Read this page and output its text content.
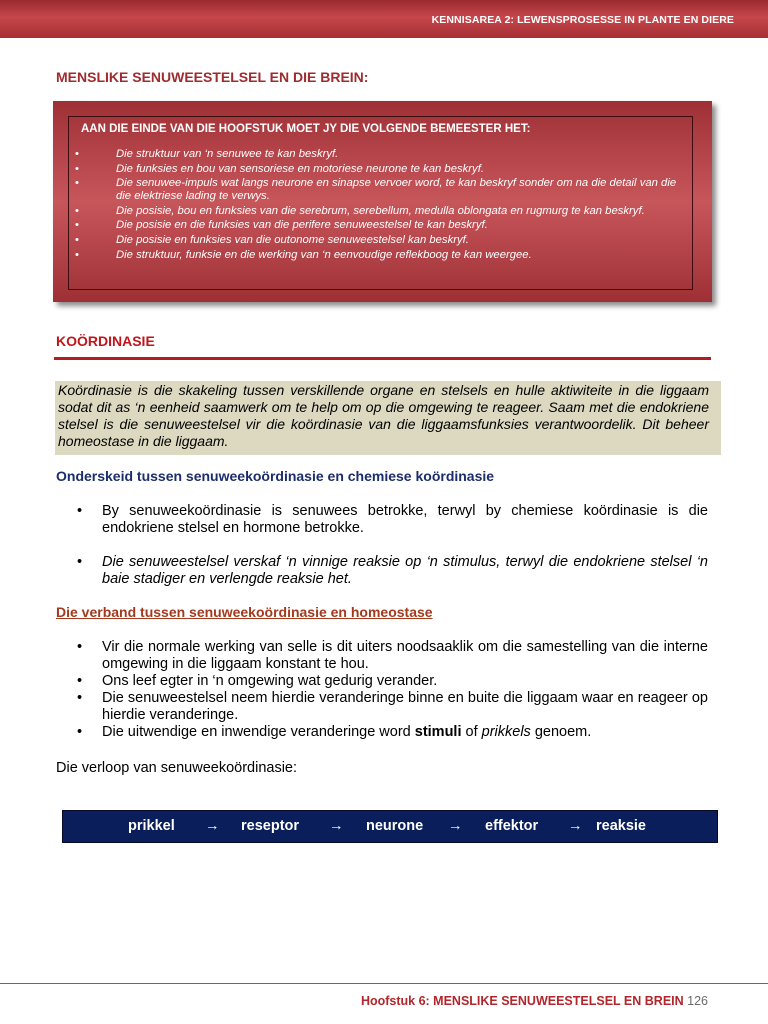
KENNISAREA 2: LEWENSPROSESSE IN PLANTE EN DIERE
MENSLIKE SENUWEESTELSEL EN DIE BREIN:
AAN DIE EINDE VAN DIE HOOFSTUK MOET JY DIE VOLGENDE BEMEESTER HET:
•	Die struktuur van ‘n senuwee te kan beskryf.
•	Die funksies en bou van sensoriese en motoriese neurone te kan beskryf.
•	Die senuwee-impuls wat langs neurone en sinapse vervoer word, te kan beskryf sonder om na die detail van die die elektriese lading te verwys.
•	Die posisie, bou en funksies van die serebrum, serebellum, medulla oblongata en rugmurg te kan beskryf.
•	Die posisie en die funksies van die perifere senuweestelsel te kan beskryf.
•	Die posisie en funksies van die outonome senuweestelsel kan beskryf.
•	Die struktuur, funksie en die werking van ‘n eenvoudige reflekboog te kan weergee.
KOÖRDINASIE

Koördinasie is die skakeling tussen verskillende organe en stelsels en hulle aktiwiteite in die liggaam sodat dit as ‘n eenheid saamwerk om te help om op die omgewing te reageer. Saam met die endokriene stelsel is die senuweestelsel vir die koördinasie van die liggaamsfunksies verantwoordelik. Dit beheer homeostase in die liggaam.

Onderskeid tussen senuweekoördinasie en chemiese koördinasie
• By senuweekoördinasie is senuwees betrokke, terwyl by chemiese koördinasie is die endokriene stelsel en hormone betrokke.
• Die senuweestelsel verskaf ‘n vinnige reaksie op ‘n stimulus, terwyl die endokriene stelsel ‘n baie stadiger en verlengde reaksie het.
Die verband tussen senuweekoördinasie en homeostase
• Vir die normale werking van selle is dit uiters noodsaaklik om die samestelling van die interne omgewing in die liggaam konstant te hou.
• Ons leef egter in ‘n omgewing wat gedurig verander.
• Die senuweestelsel neem hierdie veranderinge binne en buite die liggaam waar en reageer op hierdie veranderinge.
• Die uitwendige en inwendige veranderinge word stimuli of prikkels genoem.
Die verloop van senuweekoördinasie:
prikkel → reseptor → neurone → effektor → reaksie
Hoofstuk 6: MENSLIKE SENUWEESTELSEL EN BREIN 126
